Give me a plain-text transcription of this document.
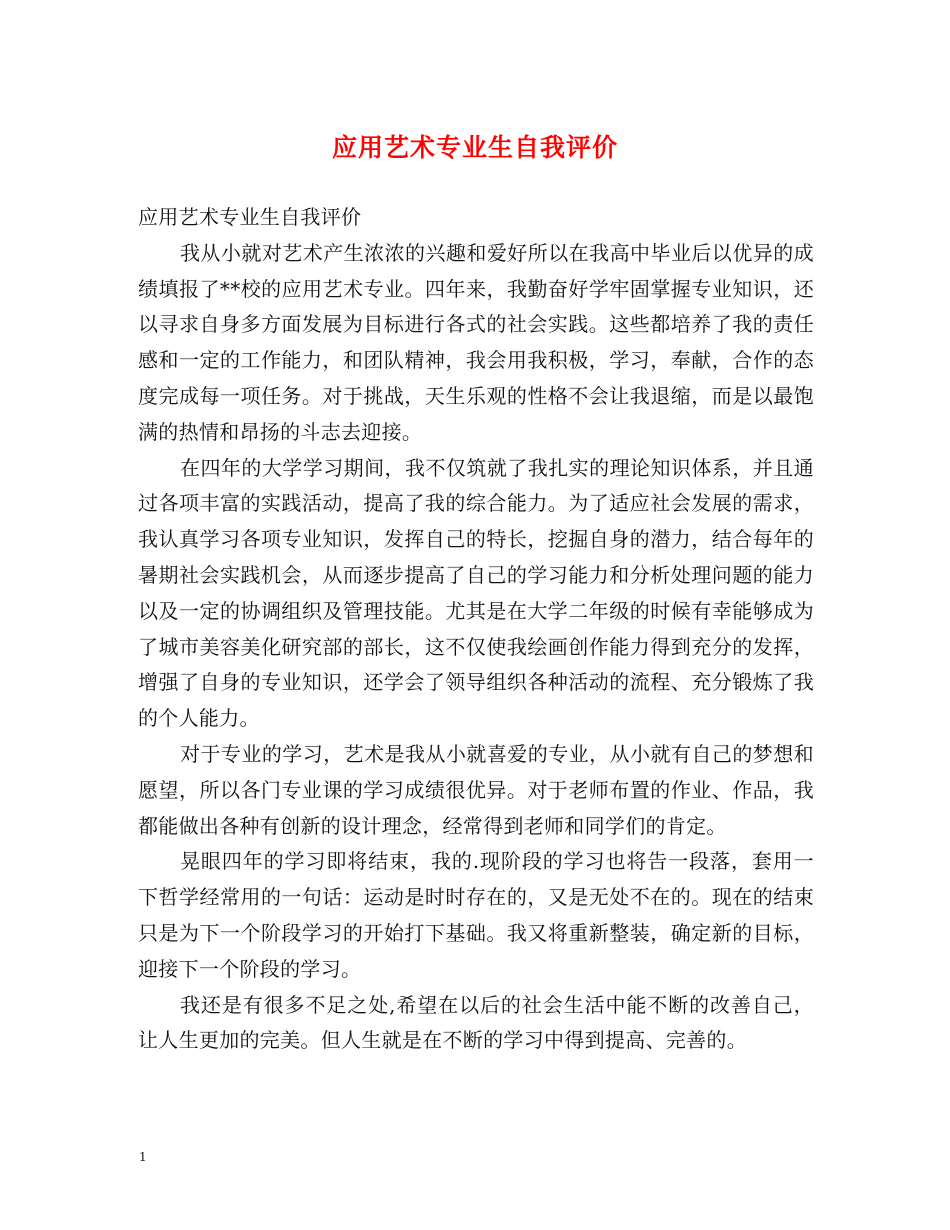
应用艺术专业生自我评价

应用艺术专业生自我评价

我从小就对艺术产生浓浓的兴趣和爱好所以在我高中毕业后以优异的成绩填报了**校的应用艺术专业。四年来，我勤奋好学牢固掌握专业知识，还以寻求自身多方面发展为目标进行各式的社会实践。这些都培养了我的责任感和一定的工作能力，和团队精神，我会用我积极，学习，奉献，合作的态度完成每一项任务。对于挑战，天生乐观的性格不会让我退缩，而是以最饱满的热情和昂扬的斗志去迎接。

在四年的大学学习期间，我不仅筑就了我扎实的理论知识体系，并且通过各项丰富的实践活动，提高了我的综合能力。为了适应社会发展的需求，我认真学习各项专业知识，发挥自己的特长，挖掘自身的潜力，结合每年的暑期社会实践机会，从而逐步提高了自己的学习能力和分析处理问题的能力以及一定的协调组织及管理技能。尤其是在大学二年级的时候有幸能够成为了城市美容美化研究部的部长，这不仅使我绘画创作能力得到充分的发挥，增强了自身的专业知识，还学会了领导组织各种活动的流程、充分锻炼了我的个人能力。

对于专业的学习，艺术是我从小就喜爱的专业，从小就有自己的梦想和愿望，所以各门专业课的学习成绩很优异。对于老师布置的作业、作品，我都能做出各种有创新的设计理念，经常得到老师和同学们的肯定。

晃眼四年的学习即将结束，我的.现阶段的学习也将告一段落，套用一下哲学经常用的一句话：运动是时时存在的，又是无处不在的。现在的结束只是为下一个阶段学习的开始打下基础。我又将重新整装，确定新的目标，迎接下一个阶段的学习。

我还是有很多不足之处,希望在以后的社会生活中能不断的改善自己，让人生更加的完美。但人生就是在不断的学习中得到提高、完善的。

1
